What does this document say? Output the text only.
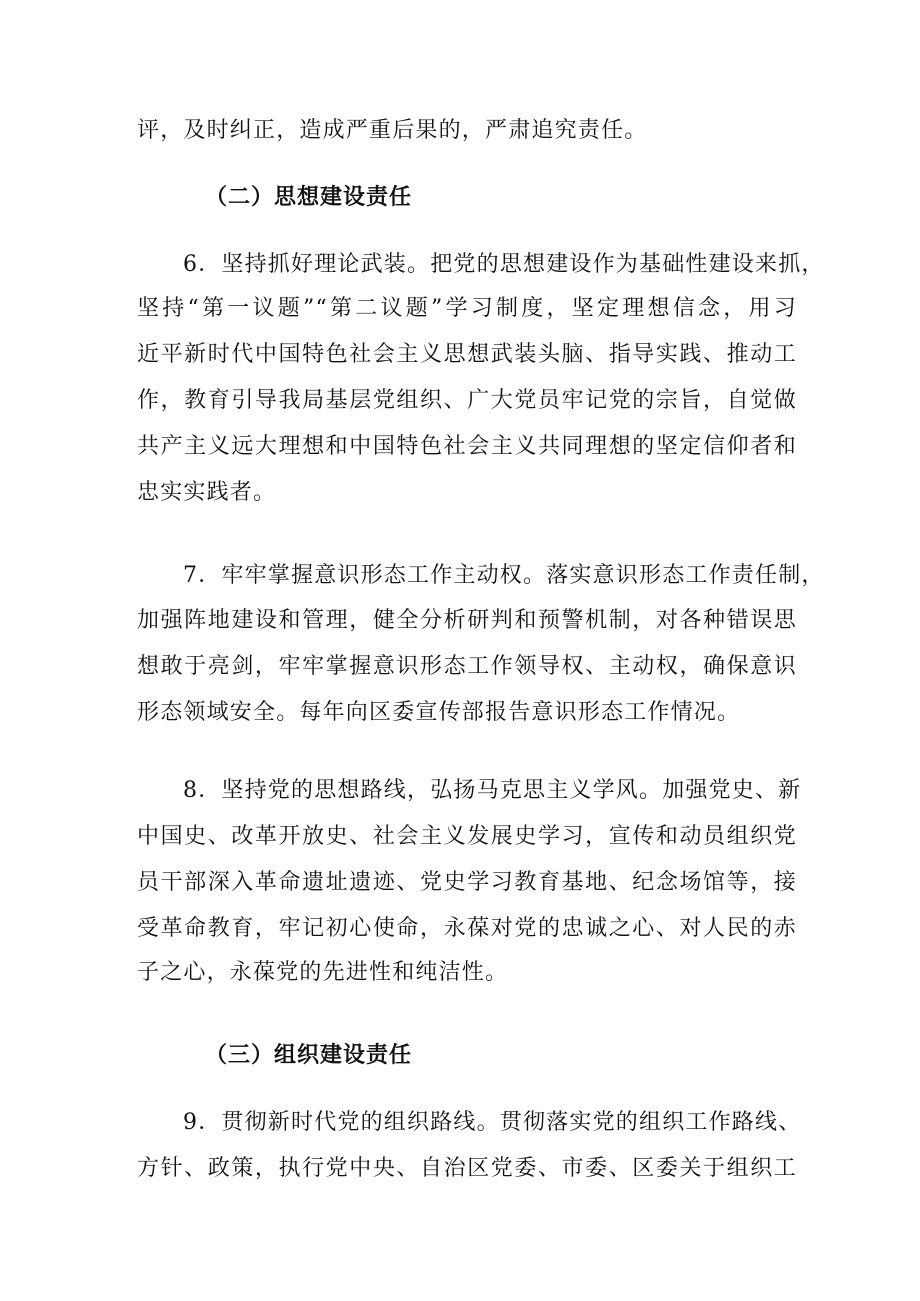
评，及时纠正，造成严重后果的，严肃追究责任。
（二）思想建设责任
6．坚持抓好理论武装。把党的思想建设作为基础性建设来抓，
坚持“第一议题”“第二议题”学习制度，坚定理想信念，用习
近平新时代中国特色社会主义思想武装头脑、指导实践、推动工
作，教育引导我局基层党组织、广大党员牢记党的宗旨，自觉做
共产主义远大理想和中国特色社会主义共同理想的坚定信仰者和
忠实实践者。
7．牢牢掌握意识形态工作主动权。落实意识形态工作责任制，
加强阵地建设和管理，健全分析研判和预警机制，对各种错误思
想敢于亮剑，牢牢掌握意识形态工作领导权、主动权，确保意识
形态领域安全。每年向区委宣传部报告意识形态工作情况。
8．坚持党的思想路线，弘扬马克思主义学风。加强党史、新
中国史、改革开放史、社会主义发展史学习，宣传和动员组织党
员干部深入革命遗址遗迹、党史学习教育基地、纪念场馆等，接
受革命教育，牢记初心使命，永葆对党的忠诚之心、对人民的赤
子之心，永葆党的先进性和纯洁性。
（三）组织建设责任
9．贯彻新时代党的组织路线。贯彻落实党的组织工作路线、
方针、政策，执行党中央、自治区党委、市委、区委关于组织工
